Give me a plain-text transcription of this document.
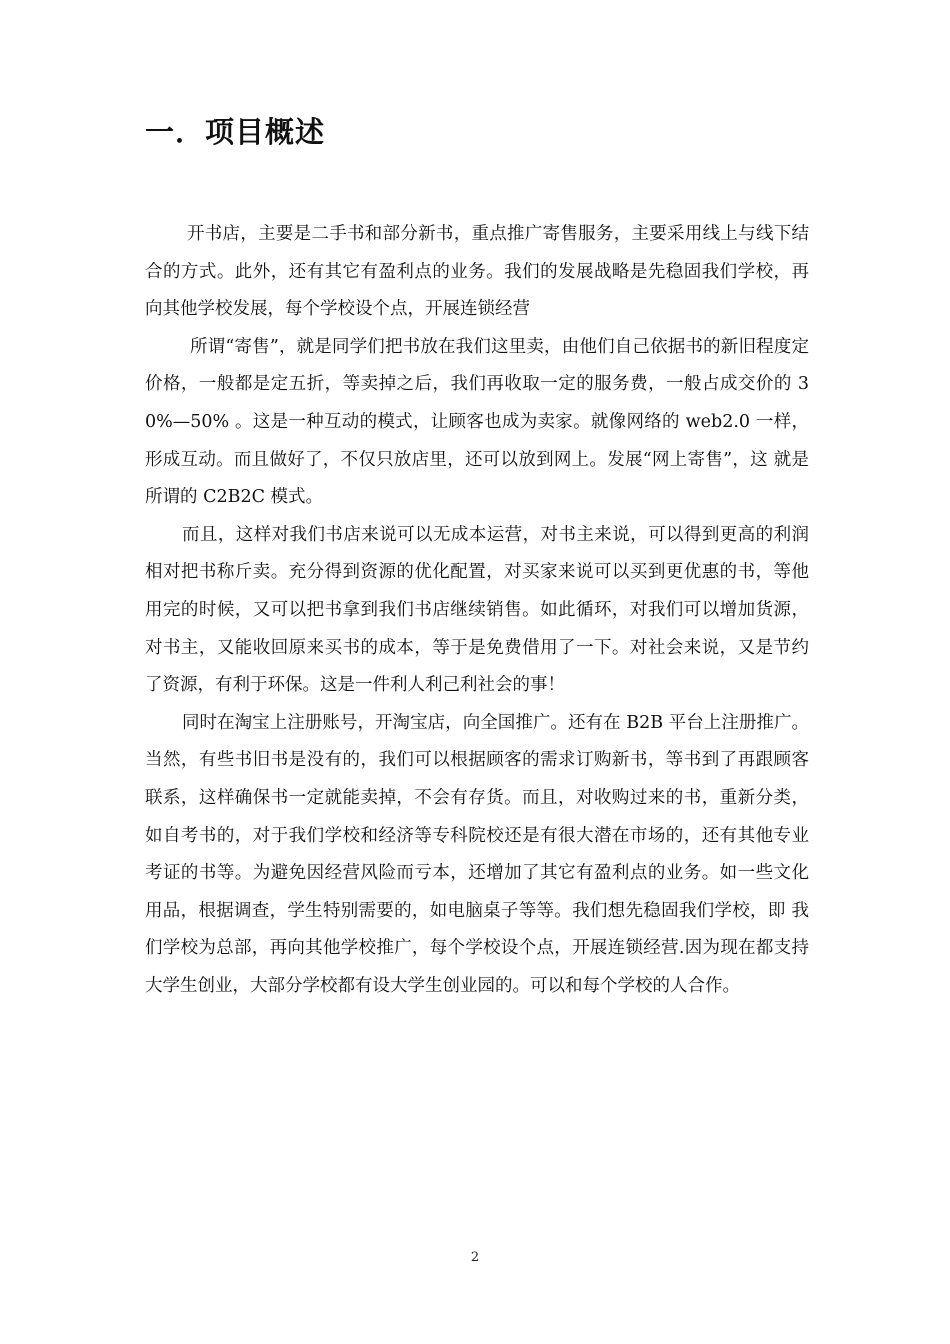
一．项目概述

开书店，主要是二手书和部分新书，重点推广寄售服务，主要采用线上与线下结合的方式。此外，还有其它有盈利点的业务。我们的发展战略是先稳固我们学校，再向其他学校发展，每个学校设个点，开展连锁经营

所谓“寄售”，就是同学们把书放在我们这里卖，由他们自己依据书的新旧程度定价格，一般都是定五折，等卖掉之后，我们再收取一定的服务费，一般占成交价的 30%—50% 。这是一种互动的模式，让顾客也成为卖家。就像网络的 web2.0 一样，形成互动。而且做好了，不仅只放店里，还可以放到网上。发展“网上寄售”，这 就是所谓的 C2B2C 模式。

而且，这样对我们书店来说可以无成本运营，对书主来说，可以得到更高的利润相对把书称斤卖。充分得到资源的优化配置，对买家来说可以买到更优惠的书，等他用完的时候，又可以把书拿到我们书店继续销售。如此循环，对我们可以增加货源，对书主，又能收回原来买书的成本，等于是免费借用了一下。对社会来说，又是节约了资源，有利于环保。这是一件利人利己利社会的事！

同时在淘宝上注册账号，开淘宝店，向全国推广。还有在 B2B 平台上注册推广。当然，有些书旧书是没有的，我们可以根据顾客的需求订购新书，等书到了再跟顾客联系，这样确保书一定就能卖掉，不会有存货。而且，对收购过来的书，重新分类，如自考书的，对于我们学校和经济等专科院校还是有很大潜在市场的，还有其他专业考证的书等。为避免因经营风险而亏本，还增加了其它有盈利点的业务。如一些文化用品，根据调查，学生特别需要的，如电脑桌子等等。我们想先稳固我们学校，即 我们学校为总部，再向其他学校推广，每个学校设个点，开展连锁经营.因为现在都支持大学生创业，大部分学校都有设大学生创业园的。可以和每个学校的人合作。

2
